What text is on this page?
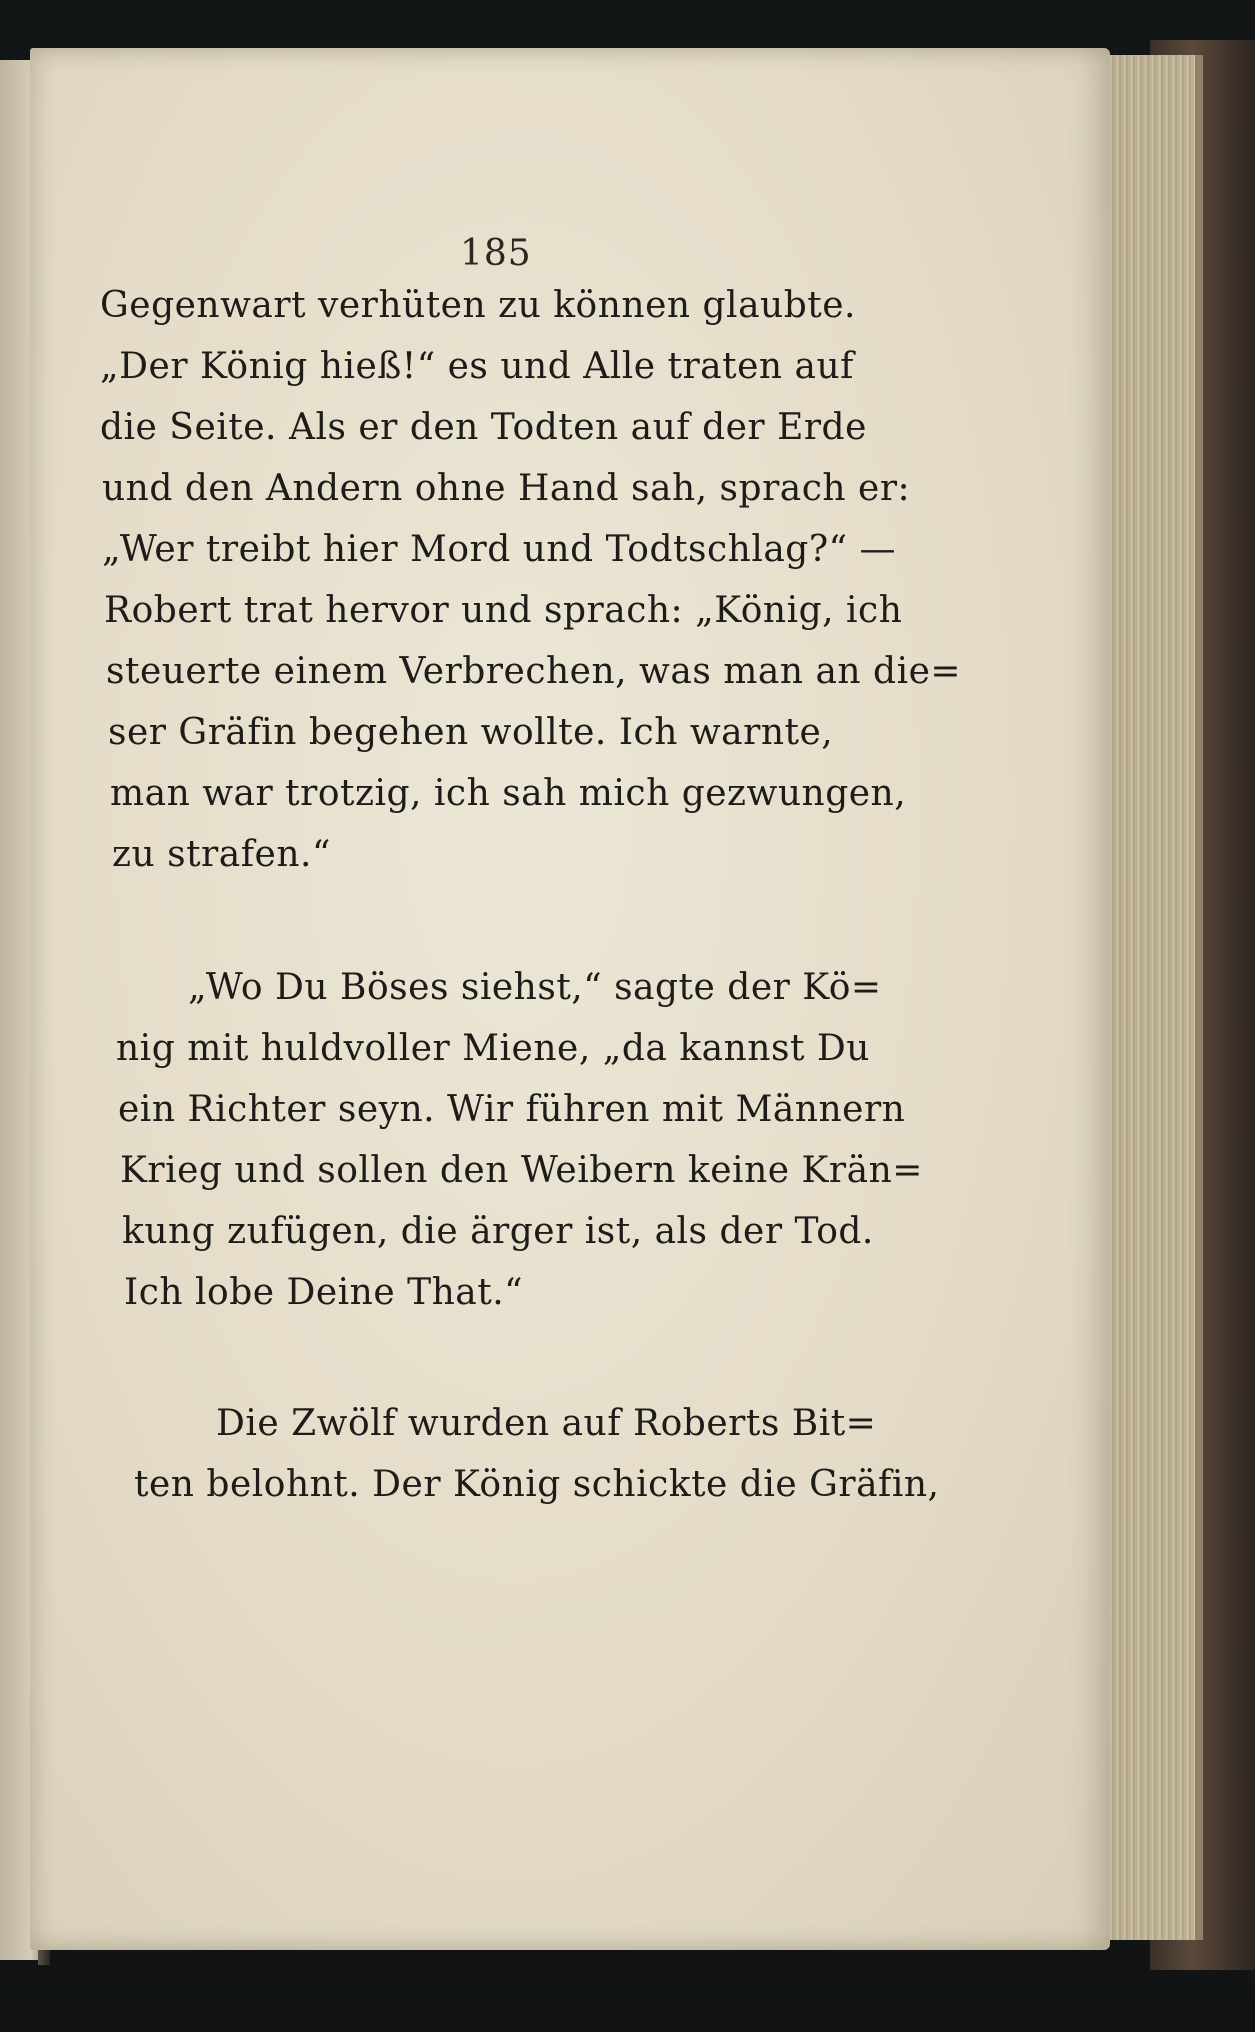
185
Gegenwart verhüten zu können glaubte.
„Der König hieß!“ es und Alle traten auf
die Seite. Als er den Todten auf der Erde
und den Andern ohne Hand sah, sprach er:
„Wer treibt hier Mord und Todtschlag?“ —
Robert trat hervor und sprach: „König, ich
steuerte einem Verbrechen, was man an die=
ser Gräfin begehen wollte. Ich warnte,
man war trotzig, ich sah mich gezwungen,
zu strafen.“
„Wo Du Böses siehst,“ sagte der Kö=
nig mit huldvoller Miene, „da kannst Du
ein Richter seyn. Wir führen mit Männern
Krieg und sollen den Weibern keine Krän=
kung zufügen, die ärger ist, als der Tod.
Ich lobe Deine That.“
Die Zwölf wurden auf Roberts Bit=
ten belohnt. Der König schickte die Gräfin,
